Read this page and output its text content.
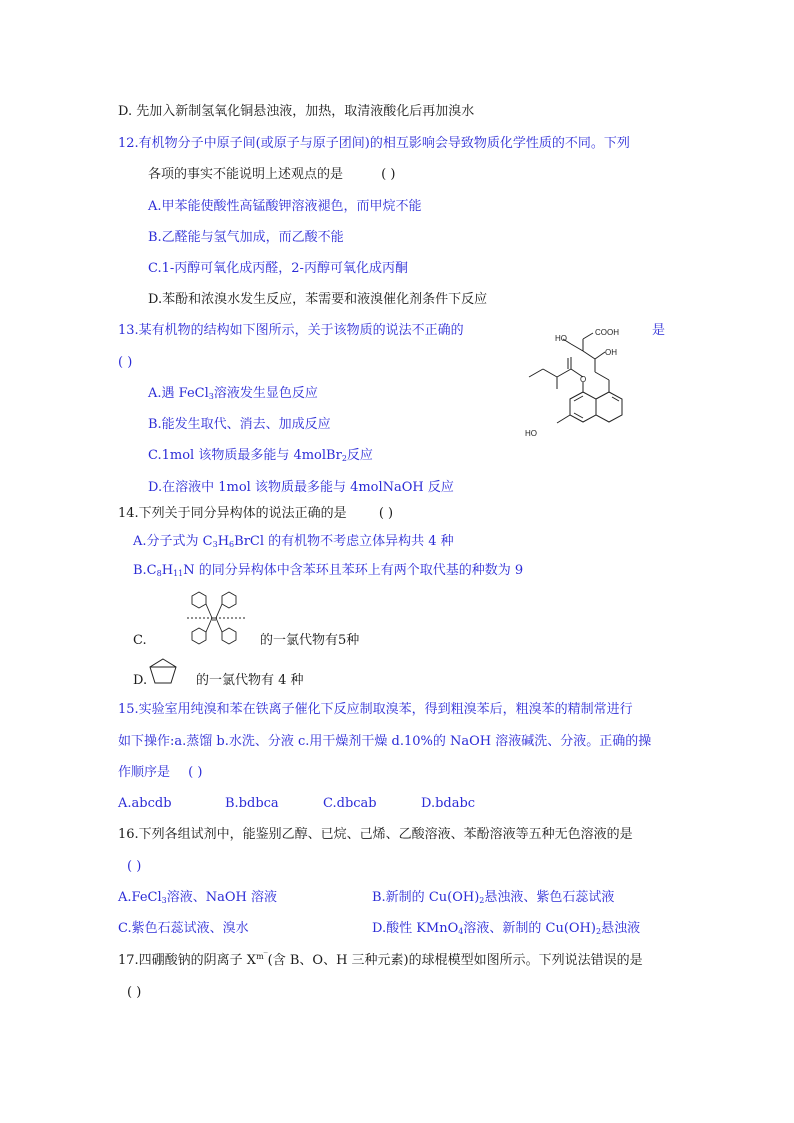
D. 先加入新制氢氧化铜悬浊液，加热，取清液酸化后再加溴水
12.有机物分子中原子间(或原子与原子团间)的相互影响会导致物质化学性质的不同。下列
各项的事实不能说明上述观点的是	( )
A.甲苯能使酸性高锰酸钾溶液褪色，而甲烷不能
B.乙醛能与氢气加成，而乙酸不能
C.1-丙醇可氧化成丙醛，2-丙醇可氧化成丙酮
D.苯酚和浓溴水发生反应，苯需要和液溴催化剂条件下反应
13.某有机物的结构如下图所示，关于该物质的说法不正确的	是
( )
A.遇 FeCl$_3$溶液发生显色反应
B.能发生取代、消去、加成反应
C.1mol 该物质最多能与 4molBr$_2$反应
D.在溶液中 1mol 该物质最多能与 4molNaOH 反应
HO
COOH
OH
O
HO
14.下列关于同分异构体的说法正确的是 ( )
A.分子式为 $C_3H_6BrCl$ 的有机物不考虑立体异构共 4 种
$B.C_8H_{11}N$ 的同分异构体中含苯环且苯环上有两个取代基的种数为 9
C.	的一氯代物有5种
D.	的一氯代物有 4 种
15.实验室用纯溴和苯在铁离子催化下反应制取溴苯，得到粗溴苯后，粗溴苯的精制常进行
如下操作:a.蒸馏 b.水洗、分液 c.用干燥剂干燥 d.10%的 NaOH 溶液碱洗、分液。正确的操
作顺序是 ( )
A.abcdb	B.bdbca	C.dbcab	D.bdabc
16.下列各组试剂中，能鉴别乙醇、已烷、己烯、乙酸溶液、苯酚溶液等五种无色溶液的是
( )
A.FeCl$_3$溶液、NaOH 溶液	B.新制的 $Cu(OH)_2$悬浊液、紫色石蕊试液
C.紫色石蕊试液、溴水	D.酸性 KMnO$_4$溶液、新制的 $Cu(OH)_2$悬浊液
17.四硼酸钠的阴离子 $X^{m‾}$(含 B、O、H 三种元素)的球棍模型如图所示。下列说法错误的是
( )
